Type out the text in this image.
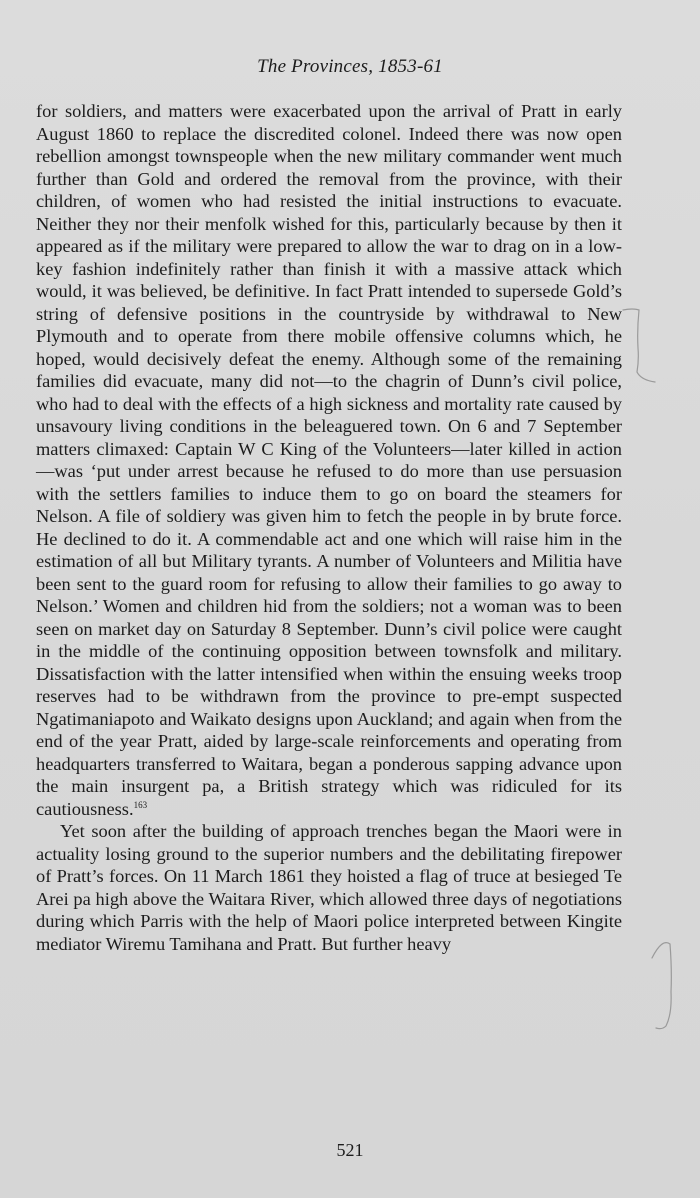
The Provinces, 1853-61

for soldiers, and matters were exacerbated upon the arrival of Pratt in early August 1860 to replace the discredited colonel. Indeed there was now open rebellion amongst townspeople when the new military commander went much further than Gold and ordered the removal from the province, with their children, of women who had resisted the initial instructions to evacuate. Neither they nor their menfolk wished for this, particularly because by then it appeared as if the military were prepared to allow the war to drag on in a low-key fashion indefinitely rather than finish it with a massive attack which would, it was believed, be definitive. In fact Pratt intended to supersede Gold’s string of defensive positions in the countryside by withdrawal to New Plymouth and to operate from there mobile offensive columns which, he hoped, would decisively defeat the enemy. Although some of the remaining families did evacuate, many did not—to the chagrin of Dunn’s civil police, who had to deal with the effects of a high sickness and mortality rate caused by unsavoury living conditions in the beleaguered town. On 6 and 7 September matters climaxed: Captain W C King of the Volunteers—later killed in action—was ‘put under arrest because he refused to do more than use persuasion with the settlers families to induce them to go on board the steamers for Nelson. A file of soldiery was given him to fetch the people in by brute force. He declined to do it. A commendable act and one which will raise him in the estimation of all but Military tyrants. A number of Volunteers and Militia have been sent to the guard room for refusing to allow their families to go away to Nelson.’ Women and children hid from the soldiers; not a woman was to been seen on market day on Saturday 8 September. Dunn’s civil police were caught in the middle of the continuing opposition between townsfolk and military. Dissatisfaction with the latter intensified when within the ensuing weeks troop reserves had to be withdrawn from the province to pre-empt suspected Ngatimaniapoto and Waikato designs upon Auckland; and again when from the end of the year Pratt, aided by large-scale reinforcements and operating from headquarters transferred to Waitara, began a ponderous sapping advance upon the main insurgent pa, a British strategy which was ridiculed for its cautiousness.$^{163}$

Yet soon after the building of approach trenches began the Maori were in actuality losing ground to the superior numbers and the debilitating firepower of Pratt’s forces. On 11 March 1861 they hoisted a flag of truce at besieged Te Arei pa high above the Waitara River, which allowed three days of negotiations during which Parris with the help of Maori police interpreted between Kingite mediator Wiremu Tamihana and Pratt. But further heavy

521
